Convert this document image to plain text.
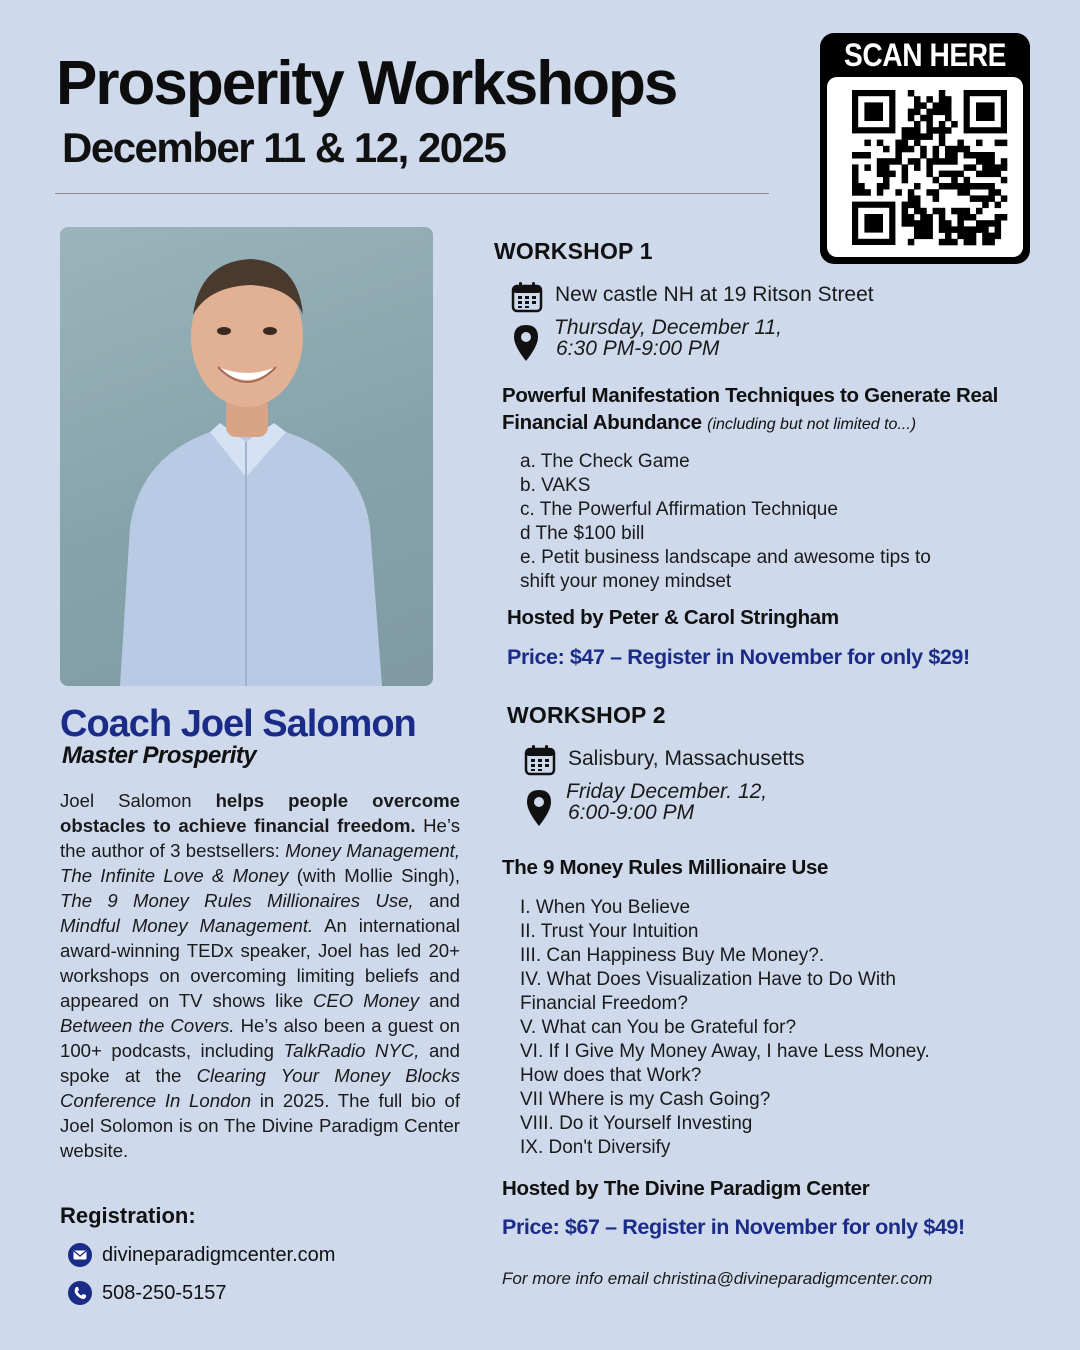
Prosperity Workshops
December 11 & 12, 2025
SCAN HERE
Coach Joel Salomon
Master Prosperity

Joel Salomon helps people overcome obstacles to achieve financial freedom. He’s the author of 3 bestsellers: Money Management, The Infinite Love & Money (with Mollie Singh), The 9 Money Rules Millionaires Use, and Mindful Money Management. An international award-winning TEDx speaker, Joel has led 20+ workshops on overcoming limiting beliefs and appeared on TV shows like CEO Money and Between the Covers. He’s also been a guest on 100+ podcasts, including TalkRadio NYC, and spoke at the Clearing Your Money Blocks Conference In London in 2025. The full bio of Joel Solomon is on The Divine Paradigm Center website.

Registration:
divineparadigmcenter.com
508-250-5157
WORKSHOP 1
New castle NH at 19 Ritson Street
Thursday, December 11,
6:30 PM-9:00 PM

Powerful Manifestation Techniques to Generate Real Financial Abundance (including but not limited to...)

a. The Check Game
b. VAKS
c. The Powerful Affirmation Technique
d The $100 bill
e. Petit business landscape and awesome tips to
shift your money mindset

Hosted by Peter & Carol Stringham

Price: $47 – Register in November for only $29!

WORKSHOP 2
Salisbury, Massachusetts
Friday December. 12,
6:00-9:00 PM

The 9 Money Rules Millionaire Use

I. When You Believe
II. Trust Your Intuition
III. Can Happiness Buy Me Money?.
IV. What Does Visualization Have to Do With
Financial Freedom?
V. What can You be Grateful for?
VI. If I Give My Money Away, I have Less Money.
How does that Work?
VII Where is my Cash Going?
VIII. Do it Yourself Investing
IX. Don't Diversify

Hosted by The Divine Paradigm Center

Price: $67 – Register in November for only $49!

For more info email christina@divineparadigmcenter.com
